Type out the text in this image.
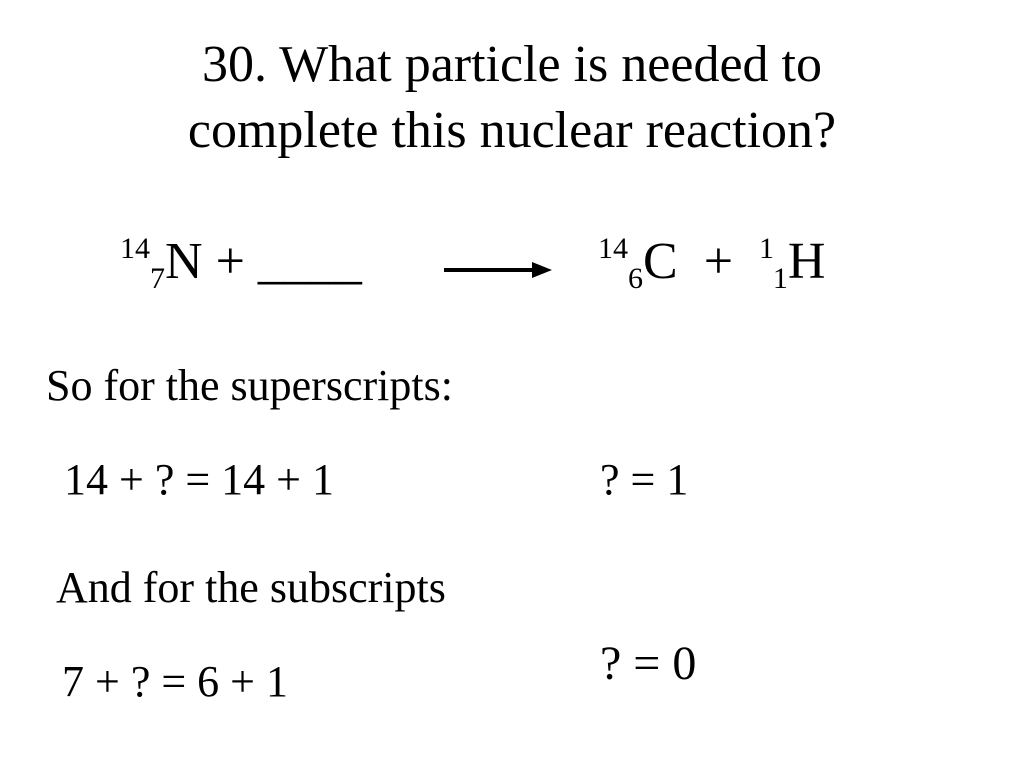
30. What particle is needed to
complete this nuclear reaction?
$^{14}$7N + ____	$^{14}$6C  +  $^1$1H
So for the superscripts:
14 + ? = 14 + 1	? = 1
And for the subscripts
7 + ? = 6 + 1	? = 0
